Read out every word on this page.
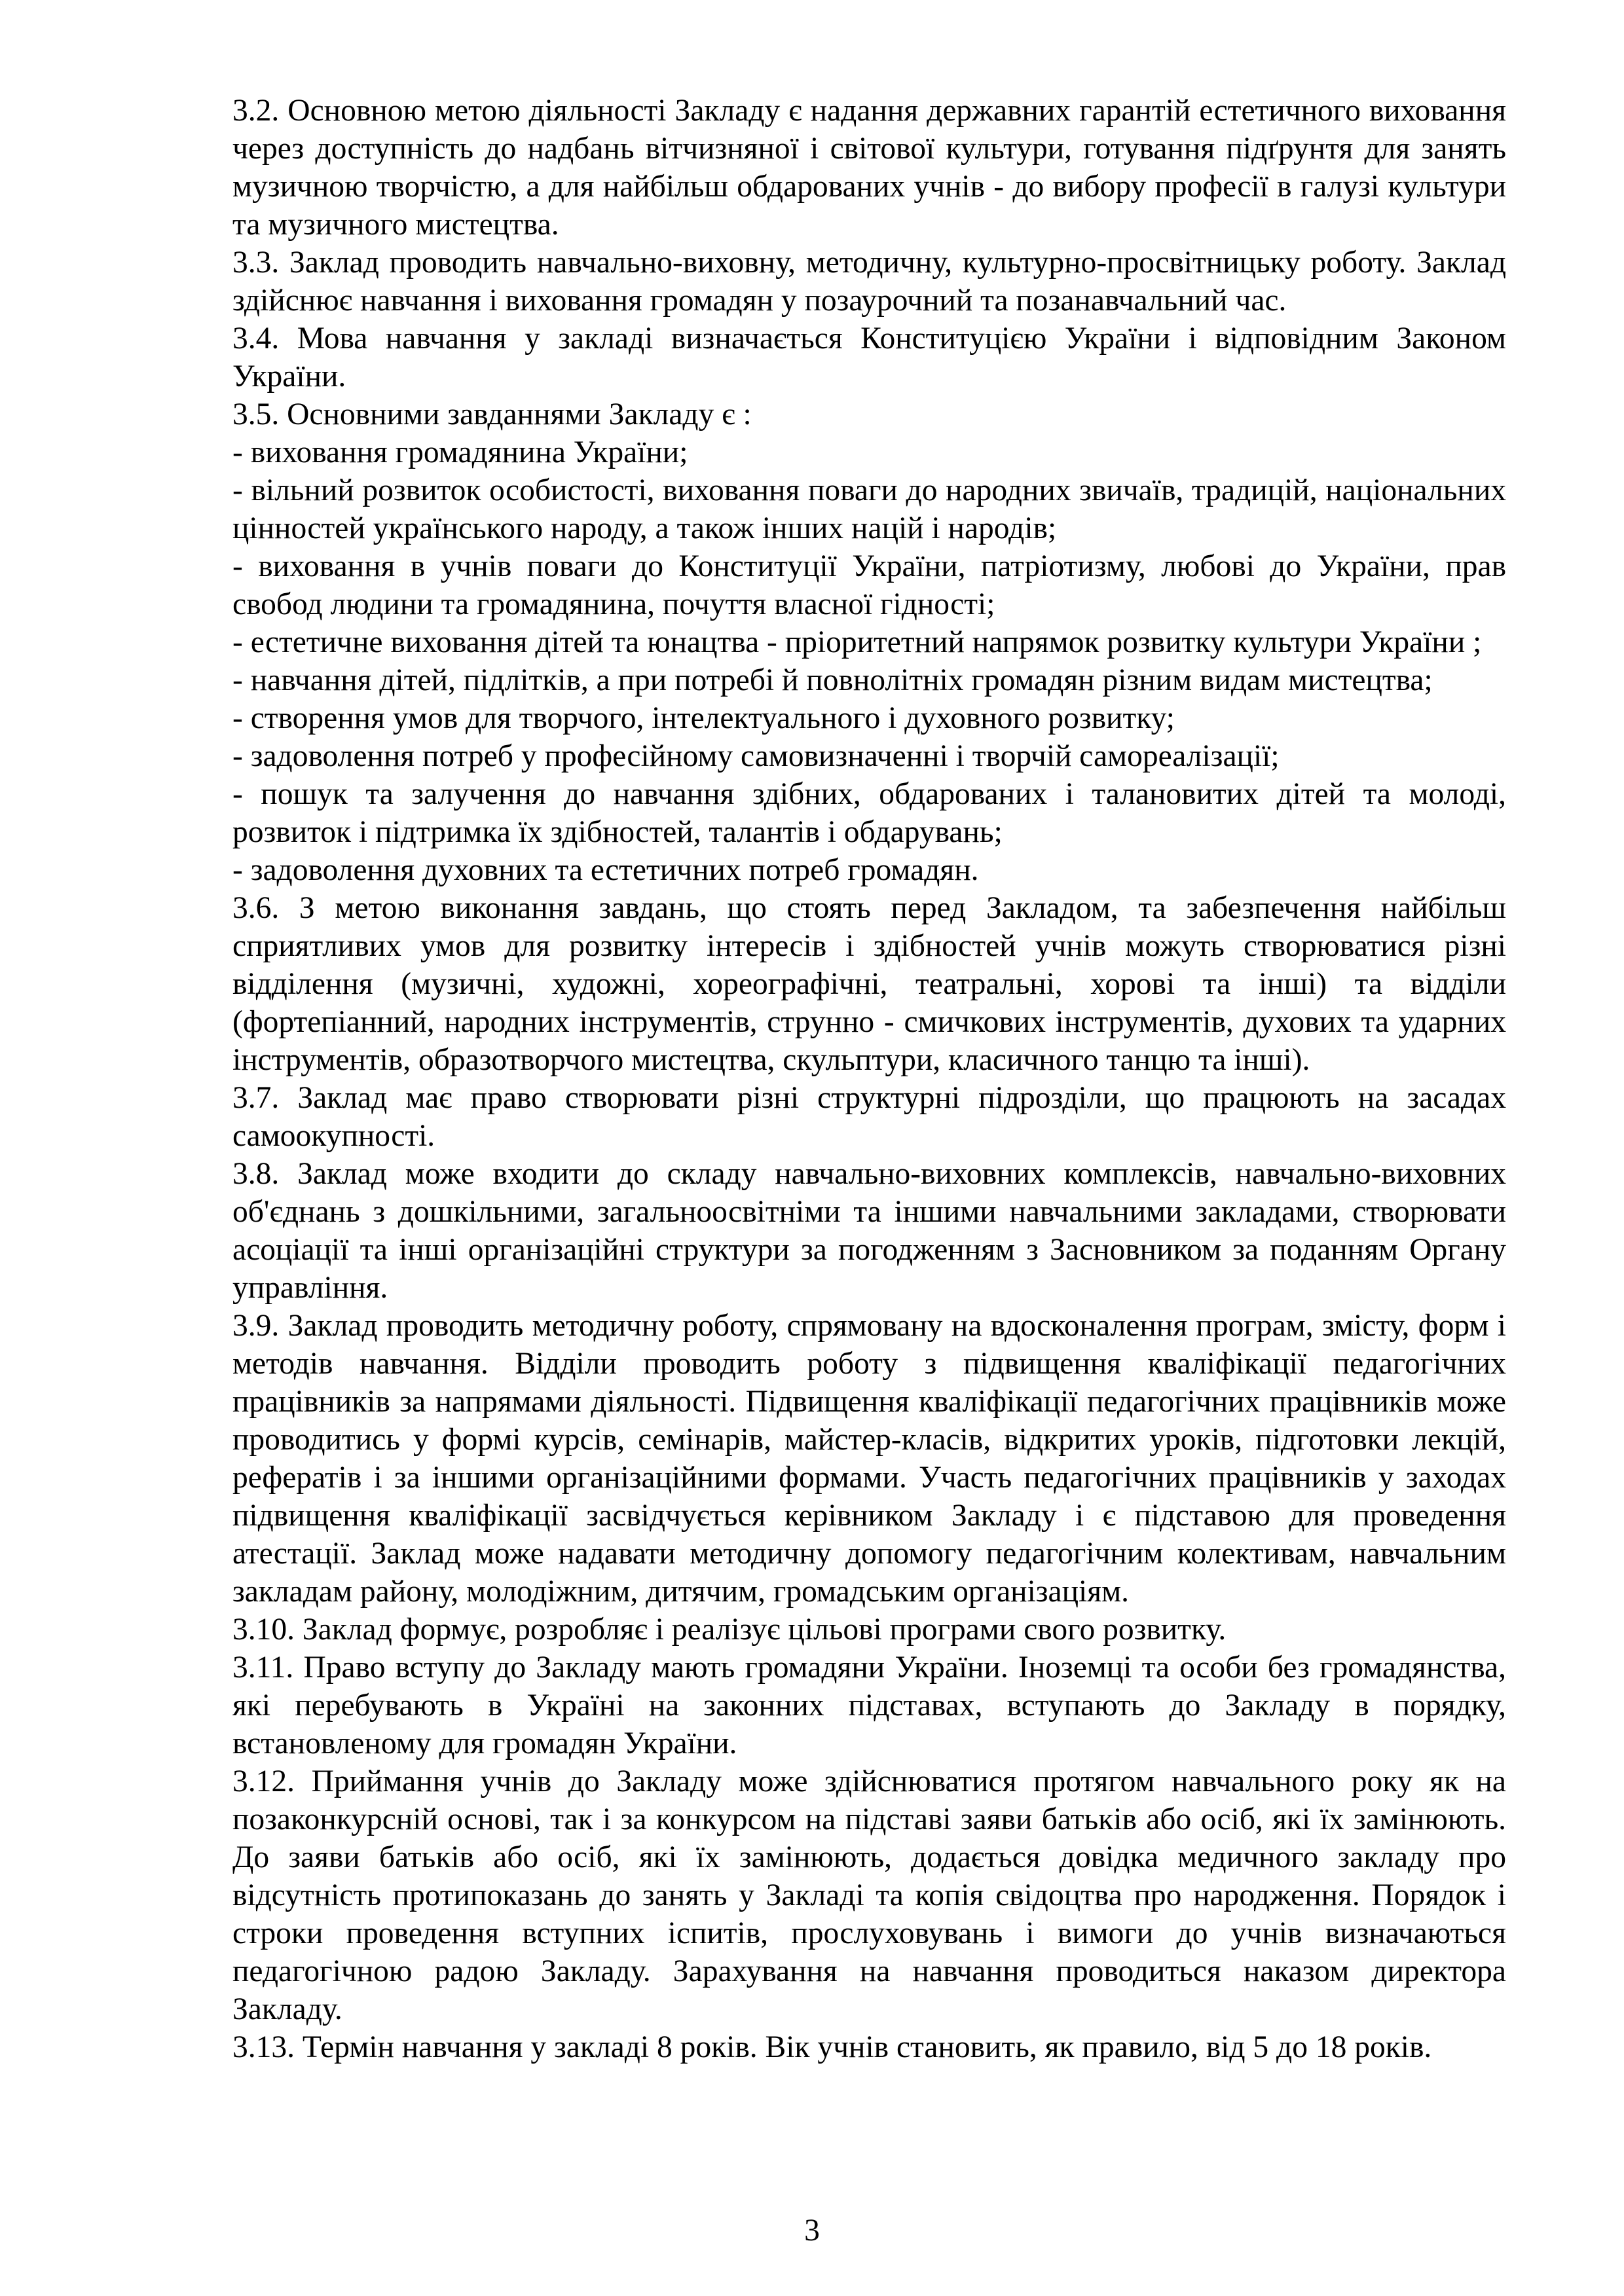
3.2. Основною метою діяльності Закладу є надання державних гарантій естетичного виховання через доступність до надбань вітчизняної і світової культури, готування підґрунтя для занять музичною творчістю, а для найбільш обдарованих учнів - до вибору професії в галузі культури та музичного мистецтва.

3.3. Заклад проводить навчально-виховну, методичну, культурно-просвітницьку роботу. Заклад здійснює навчання і виховання громадян у позаурочний та позанавчальний час.

3.4. Мова навчання у закладі визначається Конституцією України і відповідним Законом України.

3.5. Основними завданнями Закладу є :

- виховання громадянина України;

- вільний розвиток особистості, виховання поваги до народних звичаїв, традицій, національних цінностей українського народу, а також інших націй і народів;

- виховання в учнів поваги до Конституції України, патріотизму, любові до України, прав свобод людини та громадянина, почуття власної гідності;

- естетичне виховання дітей та юнацтва - пріоритетний напрямок розвитку культури України ;

- навчання дітей, підлітків, а при потребі й повнолітніх громадян різним видам мистецтва;

- створення умов для творчого, інтелектуального і духовного розвитку;

- задоволення потреб у професійному самовизначенні і творчій самореалізації;

- пошук та залучення до навчання здібних, обдарованих і талановитих дітей та молоді, розвиток і підтримка їх здібностей, талантів і обдарувань;

- задоволення духовних та естетичних потреб громадян.

3.6. З метою виконання завдань, що стоять перед Закладом, та забезпечення найбільш сприятливих умов для розвитку інтересів і здібностей учнів можуть створюватися різні відділення (музичні, художні, хореографічні, театральні, хорові та інші) та відділи (фортепіанний, народних інструментів, струнно - смичкових інструментів, духових та ударних інструментів, образотворчого мистецтва, скульптури, класичного танцю та інші).

3.7. Заклад має право створювати різні структурні підрозділи, що працюють на засадах самоокупності.

3.8. Заклад може входити до складу навчально-виховних комплексів, навчально-виховних об'єднань з дошкільними, загальноосвітніми та іншими навчальними закладами, створювати асоціації та інші організаційні структури за погодженням з Засновником за поданням Органу управління.

3.9. Заклад проводить методичну роботу, спрямовану на вдосконалення програм, змісту, форм і методів навчання. Відділи проводить роботу з підвищення кваліфікації педагогічних працівників за напрямами діяльності. Підвищення кваліфікації педагогічних працівників може проводитись у формі курсів, семінарів, майстер-класів, відкритих уроків, підготовки лекцій, рефератів і за іншими організаційними формами. Участь педагогічних працівників у заходах підвищення кваліфікації засвідчується керівником Закладу і є підставою для проведення атестації. Заклад може надавати методичну допомогу педагогічним колективам, навчальним закладам району, молодіжним, дитячим, громадським організаціям.

3.10. Заклад формує, розробляє і реалізує цільові програми свого розвитку.

3.11. Право вступу до Закладу мають громадяни України. Іноземці та особи без громадянства, які перебувають в Україні на законних підставах, вступають до Закладу в порядку, встановленому для громадян України.

3.12. Приймання учнів до Закладу може здійснюватися протягом навчального року як на позаконкурсній основі, так і за конкурсом на підставі заяви батьків або осіб, які їх замінюють. До заяви батьків або осіб, які їх замінюють, додається довідка медичного закладу про відсутність протипоказань до занять у Закладі та копія свідоцтва про народження. Порядок і строки проведення вступних іспитів, прослуховувань і вимоги до учнів визначаються педагогічною радою Закладу. Зарахування на навчання проводиться наказом директора Закладу.

3.13. Термін навчання у закладі 8 років. Вік учнів становить, як правило, від 5 до 18 років.

3
